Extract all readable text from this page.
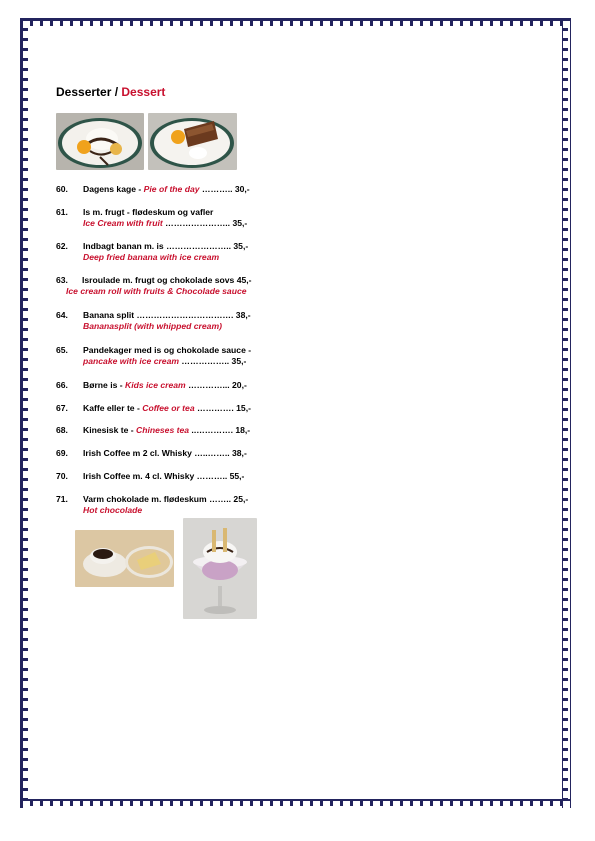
Desserter / Dessert
60. Dagens kage - Pie of the day ……….. 30,-
61. Is m. frugt - flødeskum og vafler
Ice Cream with fruit ………………….. 35,-
62. Indbagt banan m. is ………………….. 35,-
Deep fried banana with ice cream
63. Isroulade m. frugt og chokolade sovs 45,-
Ice cream roll with fruits & Chocolade sauce
64. Banana split ……………………………. 38,-
Bananasplit (with whipped cream)
65. Pandekager med is og chokolade sauce -
pancake with ice cream …………….. 35,-
66. Børne is - Kids ice cream …………... 20,-
67. Kaffe eller te - Coffee or tea …………. 15,-
68. Kinesisk te - Chineses tea ..…………. 18,-
69. Irish Coffee m 2 cl. Whisky …..…….. 38,-
70. Irish Coffee m. 4 cl. Whisky ……….. 55,-
71. Varm chokolade m. flødeskum …….. 25,-
Hot chocolade
